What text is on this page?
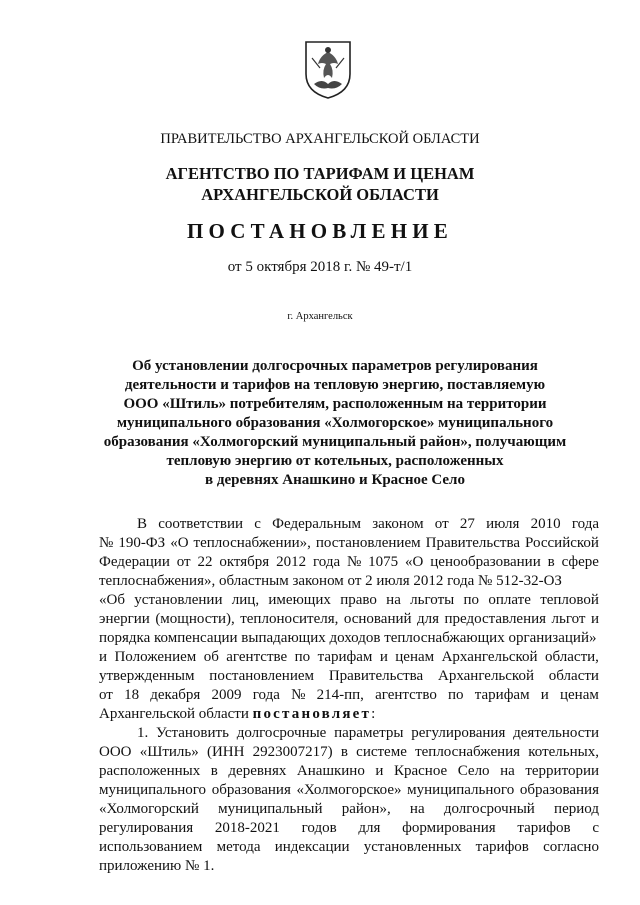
ПРАВИТЕЛЬСТВО АРХАНГЕЛЬСКОЙ ОБЛАСТИ
АГЕНТСТВО ПО ТАРИФАМ И ЦЕНАМ
АРХАНГЕЛЬСКОЙ ОБЛАСТИ
ПОСТАНОВЛЕНИЕ
от 5 октября 2018 г. № 49-т/1
г. Архангельск
Об установлении долгосрочных параметров регулирования
деятельности и тарифов на тепловую энергию, поставляемую
ООО «Штиль» потребителям, расположенным на территории
муниципального образования «Холмогорское» муниципального
образования «Холмогорский муниципальный район», получающим
тепловую энергию от котельных, расположенных
в деревнях Анашкино и Красное Село
В соответствии с Федеральным законом от 27 июля 2010 года
№ 190-ФЗ «О теплоснабжении», постановлением Правительства Российской
Федерации от 22 октября 2012 года № 1075 «О ценообразовании в сфере
теплоснабжения», областным законом от 2 июля 2012 года № 512-32-ОЗ
«Об установлении лиц, имеющих право на льготы по оплате тепловой
энергии (мощности), теплоносителя, оснований для предоставления льгот и
порядка компенсации выпадающих доходов теплоснабжающих организаций»
и Положением об агентстве по тарифам и ценам Архангельской области,
утвержденным постановлением Правительства Архангельской области
от 18 декабря 2009 года № 214-пп, агентство по тарифам и ценам
Архангельской области постановляет :
1. Установить долгосрочные параметры регулирования деятельности
ООО «Штиль» (ИНН 2923007217) в системе теплоснабжения котельных,
расположенных в деревнях Анашкино и Красное Село на территории
муниципального образования «Холмогорское» муниципального образования
«Холмогорский муниципальный район», на долгосрочный период
регулирования 2018-2021 годов для формирования тарифов с
использованием метода индексации установленных тарифов согласно
приложению № 1.
